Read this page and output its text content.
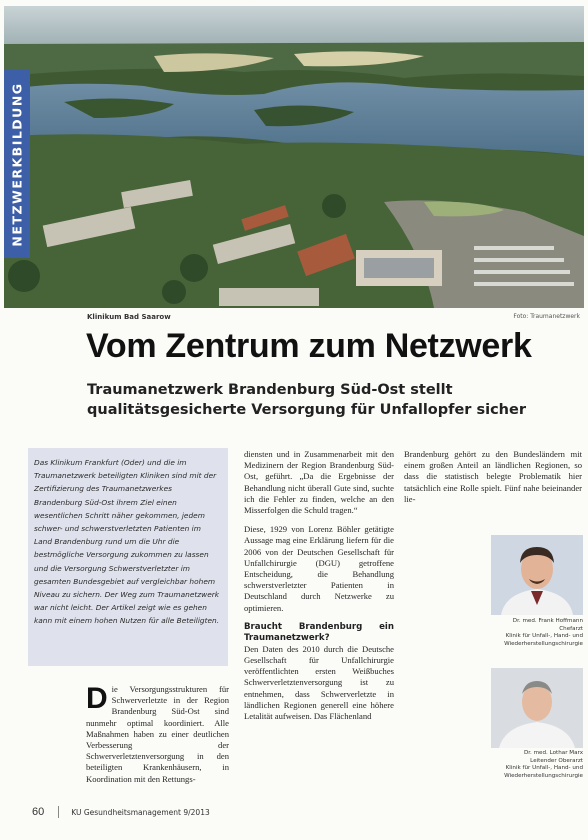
NETZWERKBILDUNG
Klinikum Bad Saarow	Foto: Traumanetzwerk
Vom Zentrum zum Netzwerk
Traumanetzwerk Brandenburg Süd-Ost stellt qualitätsgesicherte Versorgung für Unfallopfer sicher
Das Klinikum Frankfurt (Oder) und die im Traumanetzwerk beteiligten Kliniken sind mit der Zertifizierung des Traumanetzwerkes Brandenburg Süd-Ost ihrem Ziel einen wesentlichen Schritt näher gekommen, jedem schwer- und schwerstverletzten Patienten im Land Brandenburg rund um die Uhr die bestmögliche Versorgung zukommen zu lassen und die Versorgung Schwerstverletzter im gesamten Bundesgebiet auf vergleichbar hohem Niveau zu sichern. Der Weg zum Traumanetzwerk war nicht leicht. Der Artikel zeigt wie es gehen kann mit einem hohen Nutzen für alle Beteiligten.

Die Versorgungsstrukturen für Schwerverletzte in der Region Brandenburg Süd-Ost sind nunmehr optimal koordiniert. Alle Maßnahmen haben zu einer deutlichen Verbesserung der Schwerverletztenversorgung in den beteiligten Krankenhäusern, in Koordination mit den Rettungs-

diensten und in Zusammenarbeit mit den Medizinern der Region Brandenburg Süd-Ost, geführt. „Da die Ergebnisse der Behandlung nicht überall Gute sind, suchte ich die Fehler zu finden, welche an den Misserfolgen die Schuld tragen.“

Diese, 1929 von Lorenz Böhler getätigte Aussage mag eine Erklärung liefern für die 2006 von der Deutschen Gesellschaft für Unfallchirurgie (DGU) getroffene Entscheidung, die Behandlung schwerstverletzter Patienten in Deutschland durch Netzwerke zu optimieren.

Braucht Brandenburg ein Traumanetzwerk?

Den Daten des 2010 durch die Deutsche Gesellschaft für Unfallchirurgie veröffentlichten ersten Weißbuches Schwerverletztenversorgung ist zu entnehmen, dass Schwerverletzte in ländlichen Regionen generell eine höhere Letalität aufweisen. Das Flächenland

Brandenburg gehört zu den Bundesländern mit einem großen Anteil an ländlichen Regionen, so dass die statistisch belegte Problematik hier tatsächlich eine Rolle spielt. Fünf nahe beieinander lie-

Dr. med. Frank Hoffmann
Chefarzt
Klinik für Unfall-, Hand- und
Wiederherstellungschirurgie
Dr. med. Lothar Marx
Leitender Oberarzt
Klinik für Unfall-, Hand- und
Wiederherstellungschirurgie
60	KU Gesundheitsmanagement 9/2013
